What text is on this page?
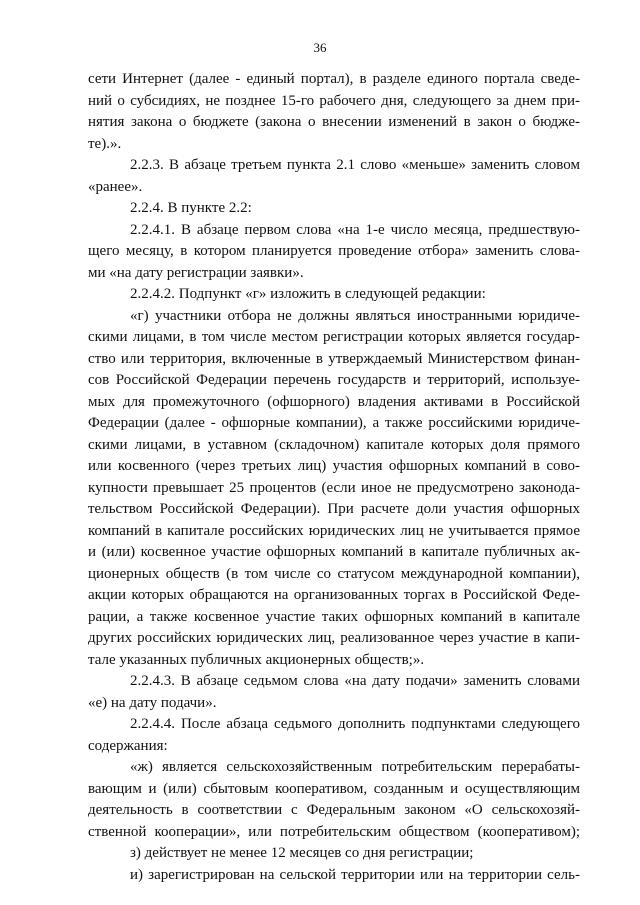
36
сети Интернет (далее - единый портал), в разделе единого портала сведе-
ний о субсидиях, не позднее 15-го рабочего дня, следующего за днем при-
нятия закона о бюджете (закона о внесении изменений в закон о бюдже-
те).».
2.2.3. В абзаце третьем пункта 2.1 слово «меньше» заменить словом
«ранее».
2.2.4. В пункте 2.2:
2.2.4.1. В абзаце первом слова «на 1-е число месяца, предшествую-
щего месяцу, в котором планируется проведение отбора» заменить слова-
ми «на дату регистрации заявки».
2.2.4.2. Подпункт «г» изложить в следующей редакции:
«г) участники отбора не должны являться иностранными юридиче-
скими лицами, в том числе местом регистрации которых является государ-
ство или территория, включенные в утверждаемый Министерством финан-
сов Российской Федерации перечень государств и территорий, используе-
мых для промежуточного (офшорного) владения активами в Российской
Федерации (далее - офшорные компании), а также российскими юридиче-
скими лицами, в уставном (складочном) капитале которых доля прямого
или косвенного (через третьих лиц) участия офшорных компаний в сово-
купности превышает 25 процентов (если иное не предусмотрено законода-
тельством Российской Федерации). При расчете доли участия офшорных
компаний в капитале российских юридических лиц не учитывается прямое
и (или) косвенное участие офшорных компаний в капитале публичных ак-
ционерных обществ (в том числе со статусом международной компании),
акции которых обращаются на организованных торгах в Российской Феде-
рации, а также косвенное участие таких офшорных компаний в капитале
других российских юридических лиц, реализованное через участие в капи-
тале указанных публичных акционерных обществ;».
2.2.4.3. В абзаце седьмом слова «на дату подачи» заменить словами
«е) на дату подачи».
2.2.4.4. После абзаца седьмого дополнить подпунктами следующего
содержания:
«ж) является сельскохозяйственным потребительским перерабаты-
вающим и (или) сбытовым кооперативом, созданным и осуществляющим
деятельность в соответствии с Федеральным законом «О сельскохозяй-
ственной кооперации», или потребительским обществом (кооперативом);
з) действует не менее 12 месяцев со дня регистрации;
и) зарегистрирован на сельской территории или на территории сель-
